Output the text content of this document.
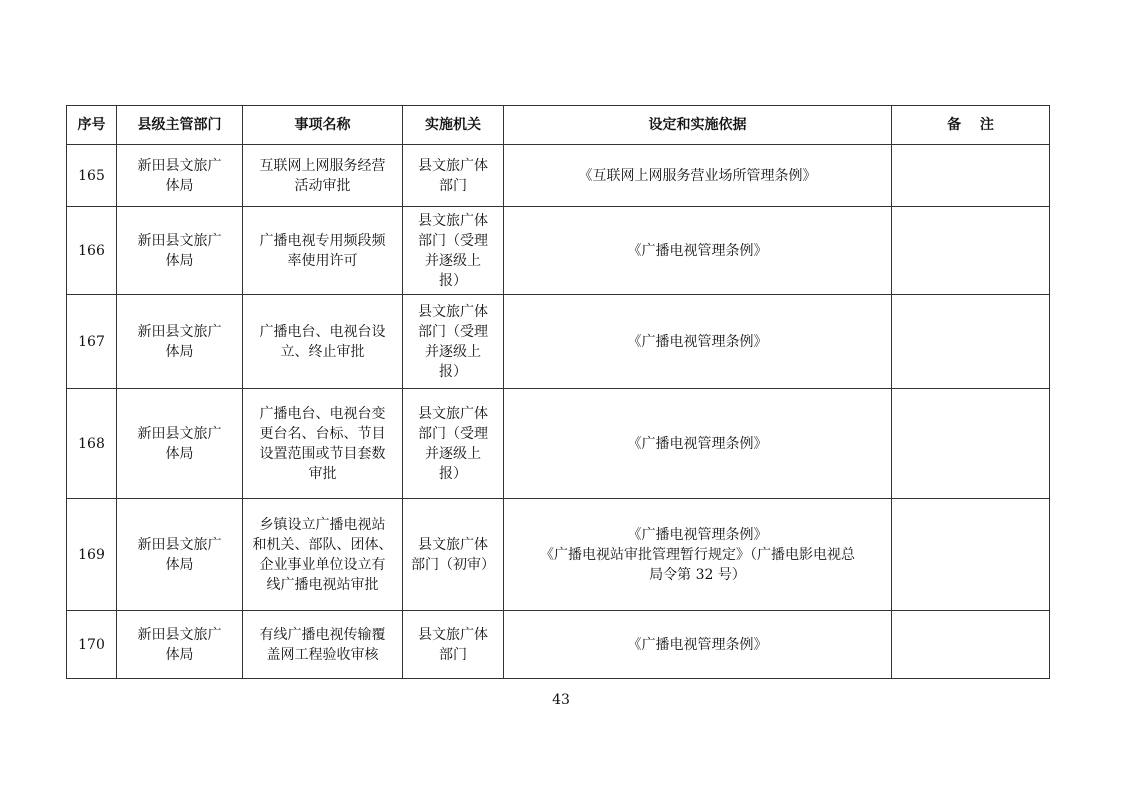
序号	县级主管部门	事项名称	实施机关	设定和实施依据	备　 注
165	新田县文旅广
体局	互联网上网服务经营
活动审批	县文旅广体
部门	《互联网上网服务营业场所管理条例》	
166	新田县文旅广
体局	广播电视专用频段频
率使用许可	县文旅广体
部门（受理
并逐级上
报）	《广播电视管理条例》	
167	新田县文旅广
体局	广播电台、电视台设
立、终止审批	县文旅广体
部门（受理
并逐级上
报）	《广播电视管理条例》	
168	新田县文旅广
体局	广播电台、电视台变
更台名、台标、节目
设置范围或节目套数
审批	县文旅广体
部门（受理
并逐级上
报）	《广播电视管理条例》	
169	新田县文旅广
体局	乡镇设立广播电视站
和机关、部队、团体、
企业事业单位设立有
线广播电视站审批	县文旅广体
部门（初审）	《广播电视管理条例》
《广播电视站审批管理暂行规定》（广播电影电视总
局令第 32 号）	
170	新田县文旅广
体局	有线广播电视传输覆
盖网工程验收审核	县文旅广体
部门	《广播电视管理条例》	
43
